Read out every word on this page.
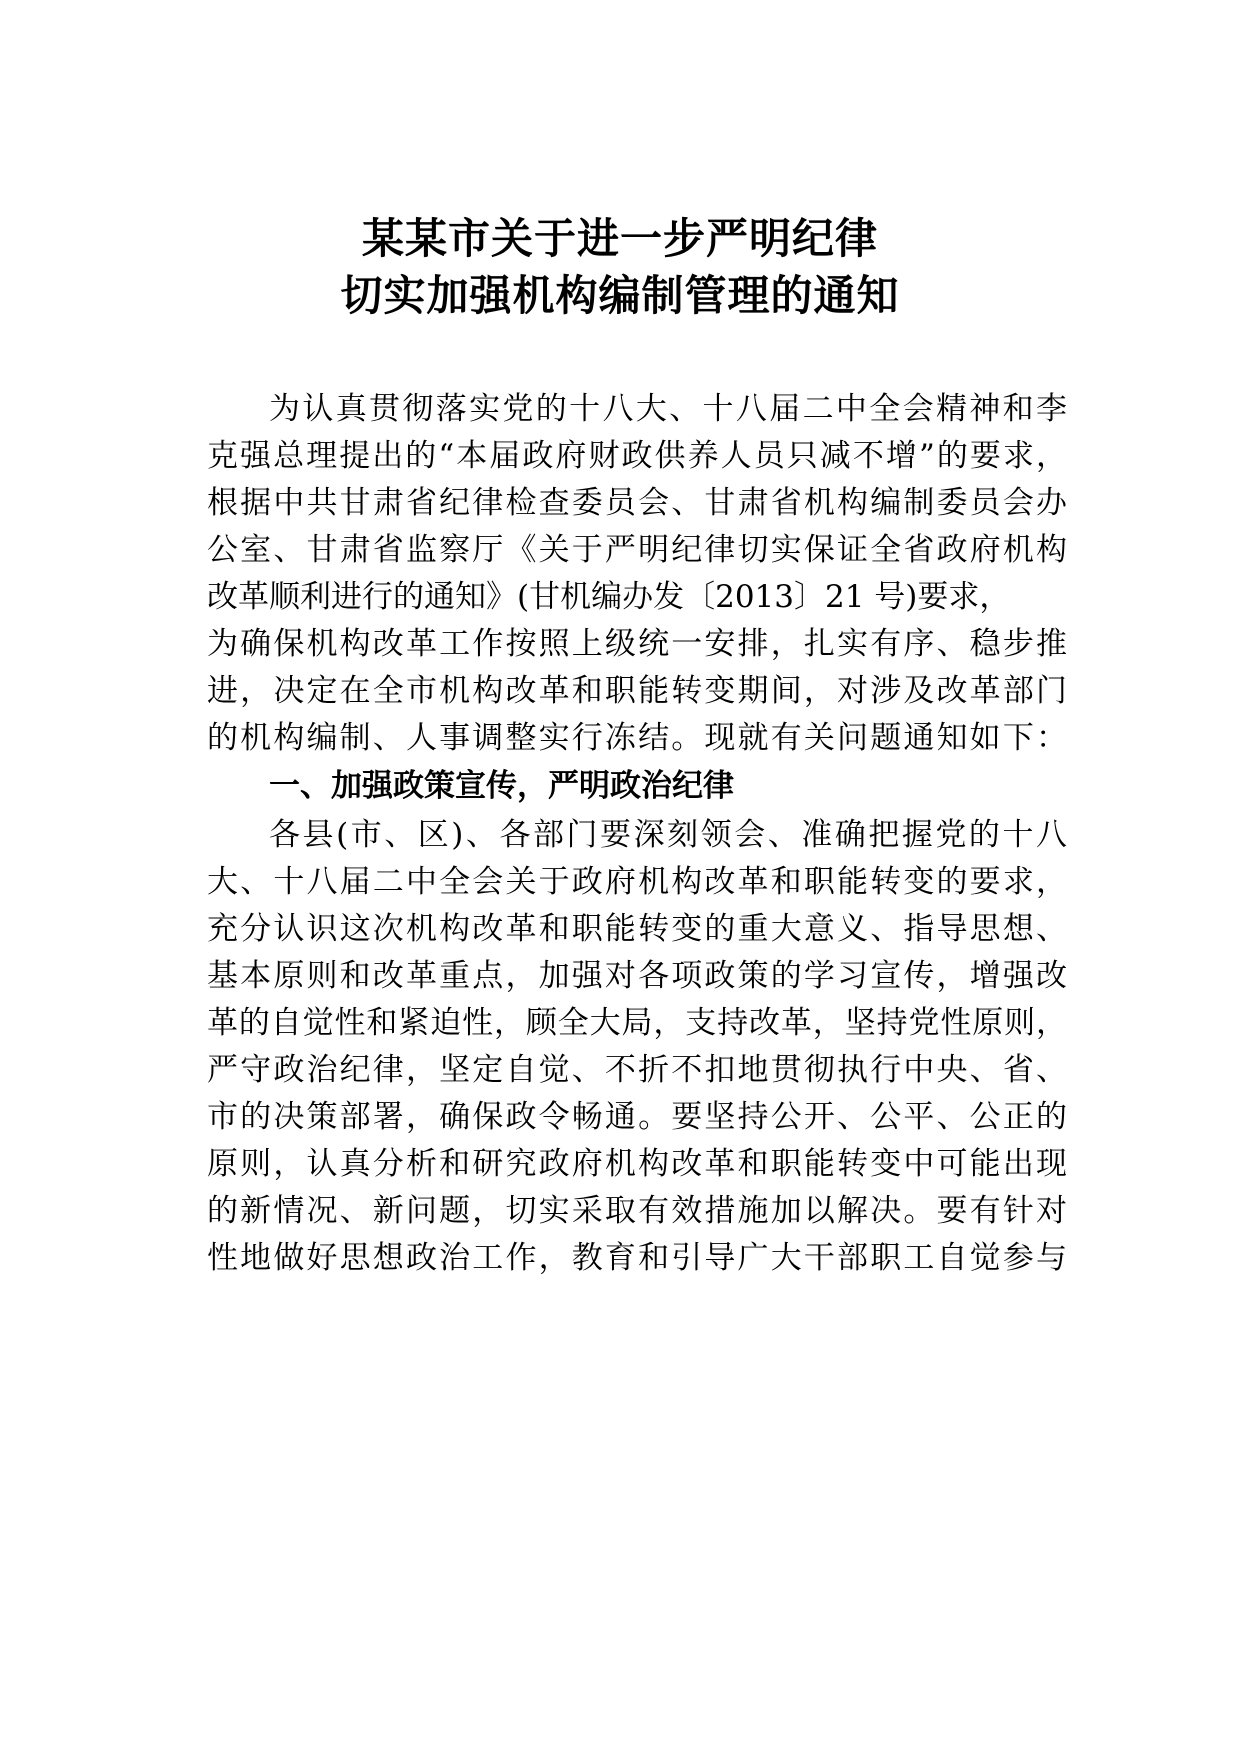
某某市关于进一步严明纪律
切实加强机构编制管理的通知
为认真贯彻落实党的十八大、十八届二中全会精神和李
克强总理提出的“本届政府财政供养人员只减不增”的要求，
根据中共甘肃省纪律检查委员会、甘肃省机构编制委员会办
公室、甘肃省监察厅《关于严明纪律切实保证全省政府机构
改革顺利进行的通知》(甘机编办发〔2013〕21 号)要求，
为确保机构改革工作按照上级统一安排，扎实有序、稳步推
进，决定在全市机构改革和职能转变期间，对涉及改革部门
的机构编制、人事调整实行冻结。现就有关问题通知如下：
一、加强政策宣传，严明政治纪律
各县(市、区)、各部门要深刻领会、准确把握党的十八
大、十八届二中全会关于政府机构改革和职能转变的要求，
充分认识这次机构改革和职能转变的重大意义、指导思想、
基本原则和改革重点，加强对各项政策的学习宣传，增强改
革的自觉性和紧迫性，顾全大局，支持改革，坚持党性原则，
严守政治纪律，坚定自觉、不折不扣地贯彻执行中央、省、
市的决策部署，确保政令畅通。要坚持公开、公平、公正的
原则，认真分析和研究政府机构改革和职能转变中可能出现
的新情况、新问题，切实采取有效措施加以解决。要有针对
性地做好思想政治工作，教育和引导广大干部职工自觉参与
